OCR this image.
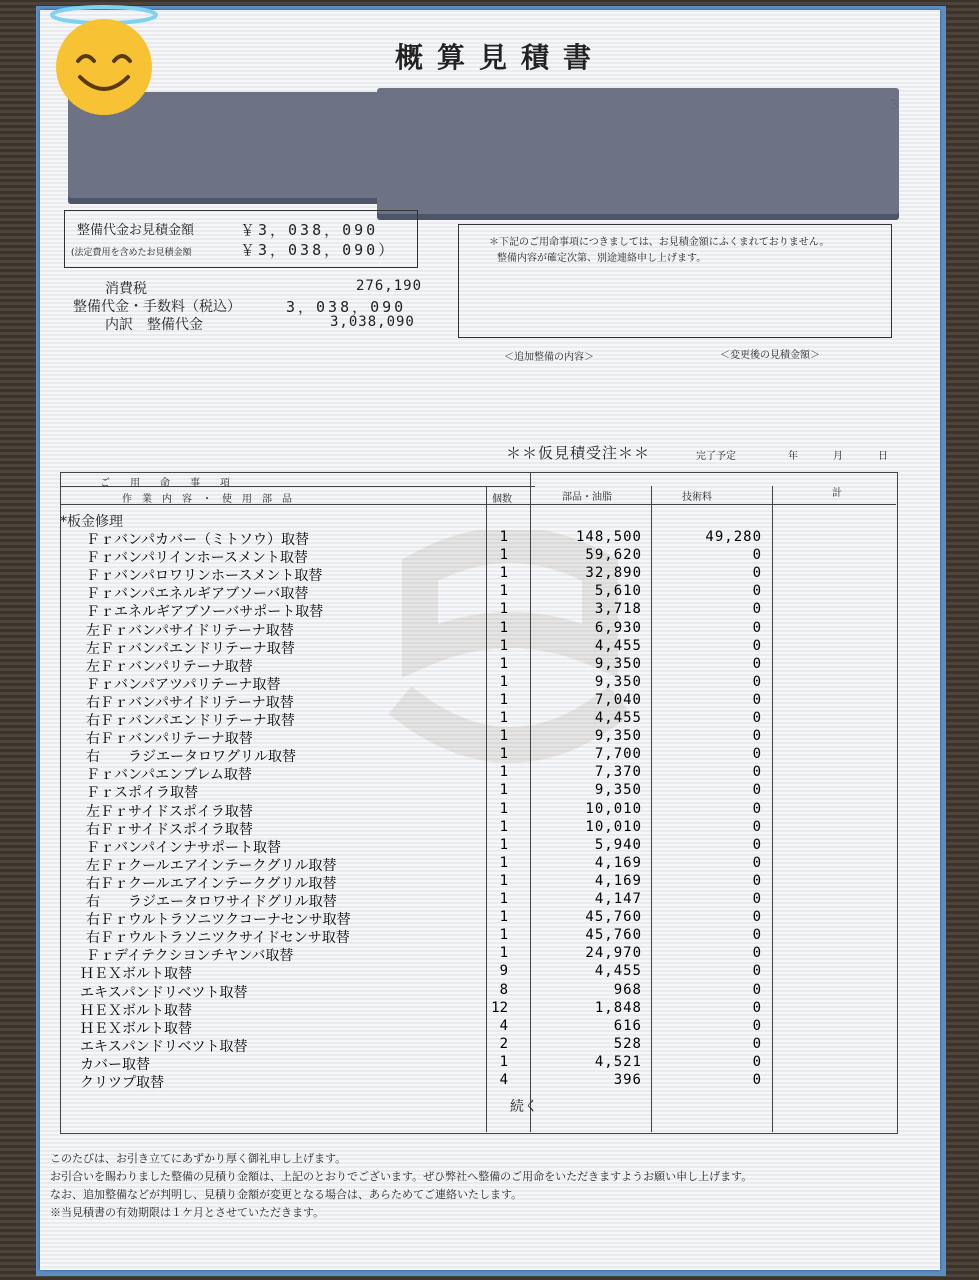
概算見積書
3
整備代金お見積金額	￥3，038，090
(法定費用を含めたお見積金額	￥3，038，090）
消費税	276,190
整備代金・手数料（税込）	3，038，090
内訳　整備代金	3,038,090
＊下記のご用命事項につきましては、お見積金額にふくまれておりません。
整備内容が確定次第、別途連絡申し上げます。
＜追加整備の内容＞	＜変更後の見積金額＞
＊＊仮見積受注＊＊	完了予定	年	月	日
ご　　用　　命　　事　　項
作　業　内　容　・　使　用　部　品	個数	部品・油脂	技術料	計
*板金修理
Ｆｒバンパカバー（ミトソウ）取替	1	148,500	49,280
Ｆｒバンパリインホースメント取替	1	59,620	0
Ｆｒバンパロワリンホースメント取替	1	32,890	0
Ｆｒバンパエネルギアブソーバ取替	1	5,610	0
Ｆｒエネルギアブソーバサポート取替	1	3,718	0
左Ｆｒバンパサイドリテーナ取替	1	6,930	0
左Ｆｒバンパエンドリテーナ取替	1	4,455	0
左Ｆｒバンパリテーナ取替	1	9,350	0
Ｆｒバンパアツパリテーナ取替	1	9,350	0
右Ｆｒバンパサイドリテーナ取替	1	7,040	0
右Ｆｒバンパエンドリテーナ取替	1	4,455	0
右Ｆｒバンパリテーナ取替	1	9,350	0
右　　ラジエータロワグリル取替	1	7,700	0
Ｆｒバンパエンブレム取替	1	7,370	0
Ｆｒスポイラ取替	1	9,350	0
左Ｆｒサイドスポイラ取替	1	10,010	0
右Ｆｒサイドスポイラ取替	1	10,010	0
Ｆｒバンパインナサポート取替	1	5,940	0
左Ｆｒクールエアインテークグリル取替	1	4,169	0
右Ｆｒクールエアインテークグリル取替	1	4,169	0
右　　ラジエータロワサイドグリル取替	1	4,147	0
右Ｆｒウルトラソニツクコーナセンサ取替	1	45,760	0
右Ｆｒウルトラソニツクサイドセンサ取替	1	45,760	0
Ｆｒデイテクシヨンチヤンバ取替	1	24,970	0
ＨＥＸボルト取替	9	4,455	0
エキスパンドリベツト取替	8	968	0
ＨＥＸボルト取替	12	1,848	0
ＨＥＸボルト取替	4	616	0
エキスパンドリベツト取替	2	528	0
カバー取替	1	4,521	0
クリツプ取替	4	396	0
続く
このたびは、お引き立てにあずかり厚く御礼申し上げます。
お引合いを賜わりました整備の見積り金額は、上記のとおりでございます。ぜひ弊社へ整備のご用命をいただきますようお願い申し上げます。
なお、追加整備などが判明し、見積り金額が変更となる場合は、あらためてご連絡いたします。
※当見積書の有効期限は１ケ月とさせていただきます。
